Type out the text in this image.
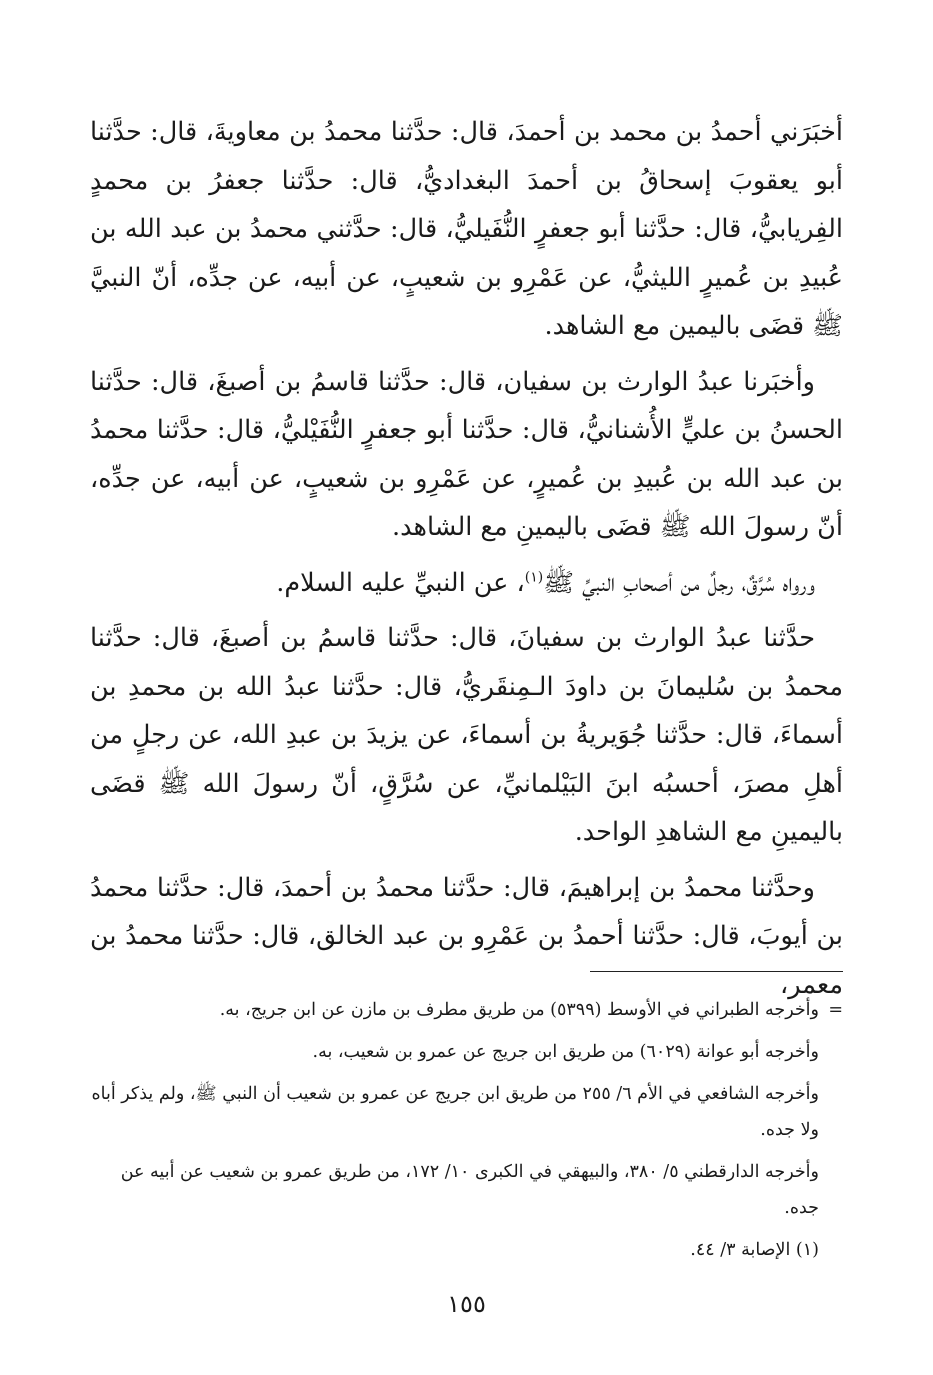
أخبَرَني أحمدُ بن محمد بن أحمدَ، قال: حدَّثنا محمدُ بن معاويةَ، قال: حدَّثنا أبو يعقوبَ إسحاقُ بن أحمدَ البغداديُّ، قال: حدَّثنا جعفرُ بن محمدٍ الفِريابيُّ، قال: حدَّثنا أبو جعفرٍ النُّفَيليُّ، قال: حدَّثني محمدُ بن عبد الله بن عُبيدِ بن عُميرٍ الليثيُّ، عن عَمْرِو بن شعيبٍ، عن أبيه، عن جدِّه، أنّ النبيَّ ﷺ قضَى باليمين مع الشاهد.

وأخبَرنا عبدُ الوارث بن سفيان، قال: حدَّثنا قاسمُ بن أصبغَ، قال: حدَّثنا الحسنُ بن عليٍّ الأُشنانيُّ، قال: حدَّثنا أبو جعفرٍ النُّفَيْليُّ، قال: حدَّثنا محمدُ بن عبد الله بن عُبيدِ بن عُميرٍ، عن عَمْرِو بن شعيبٍ، عن أبيه، عن جدِّه، أنّ رسولَ الله ﷺ قضَى باليمينِ مع الشاهد.

ورواه سُرَّقٌ، رجلٌ من أصحابِ النبيِّ ﷺ$^{(١)}$، عن النبيِّ عليه السلام.

حدَّثنا عبدُ الوارث بن سفيانَ، قال: حدَّثنا قاسمُ بن أصبغَ، قال: حدَّثنا محمدُ بن سُليمانَ بن داودَ الـمِنقَريُّ، قال: حدَّثنا عبدُ الله بن محمدِ بن أسماءَ، قال: حدَّثنا جُوَيريةُ بن أسماءَ، عن يزيدَ بن عبدِ الله، عن رجلٍ من أهلِ مصرَ، أحسبُه ابنَ البَيْلمانيِّ، عن سُرَّقٍ، أنّ رسولَ الله ﷺ قضَى باليمينِ مع الشاهدِ الواحد.

وحدَّثنا محمدُ بن إبراهيمَ، قال: حدَّثنا محمدُ بن أحمدَ، قال: حدَّثنا محمدُ بن أيوبَ، قال: حدَّثنا أحمدُ بن عَمْرِو بن عبد الخالق، قال: حدَّثنا محمدُ بن معمر،

=
وأخرجه الطبراني في الأوسط (٥٣٩٩) من طريق مطرف بن مازن عن ابن جريج، به.
وأخرجه أبو عوانة (٦٠٢٩) من طريق ابن جريج عن عمرو بن شعيب، به.
وأخرجه الشافعي في الأم ٦/ ٢٥٥ من طريق ابن جريج عن عمرو بن شعيب أن النبي ﷺ، ولم يذكر أباه ولا جده.
وأخرجه الدارقطني ٥/ ٣٨٠، والبيهقي في الكبرى ١٠/ ١٧٢، من طريق عمرو بن شعيب عن أبيه عن جده.
(١) الإصابة ٣/ ٤٤.
١٥٥
